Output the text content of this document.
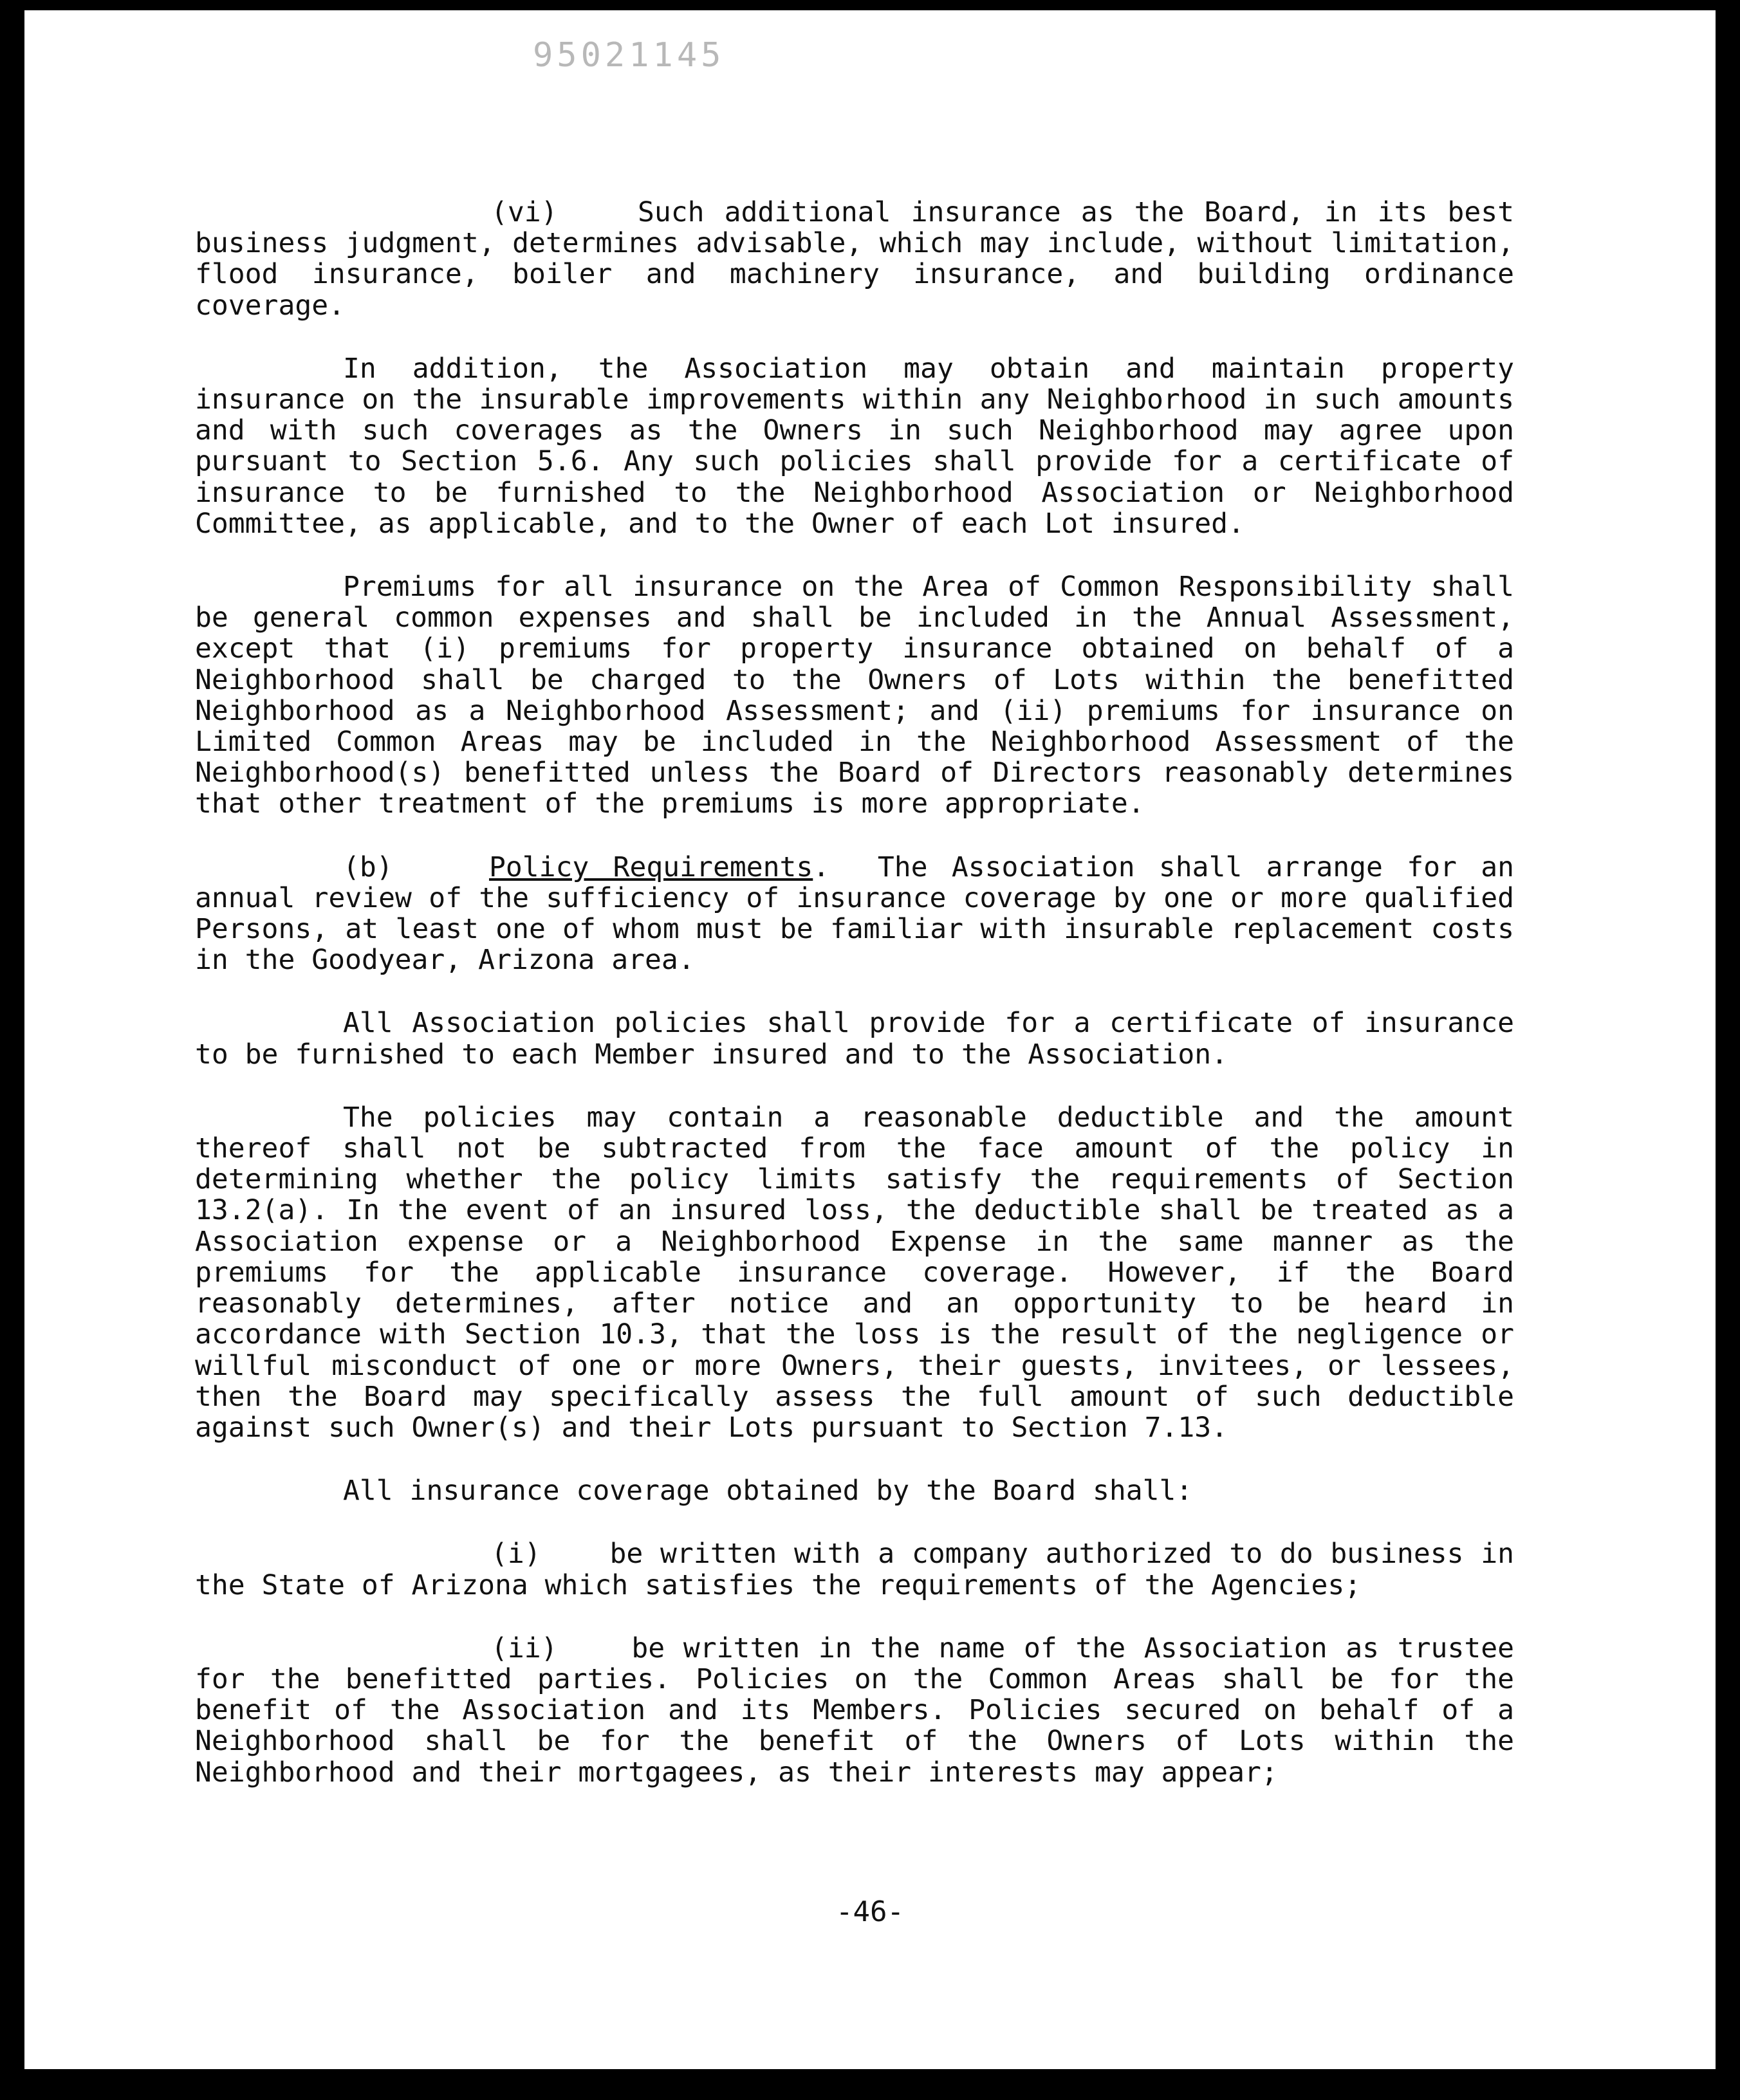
95021145

(vi)	Such additional insurance as the Board, in its best business judgment, determines advisable, which may include, without limitation, flood insurance, boiler and machinery insurance, and building ordinance coverage.

In addition, the Association may obtain and maintain property insurance on the insurable improvements within any Neighborhood in such amounts and with such coverages as the Owners in such Neighborhood may agree upon pursuant to Section 5.6. Any such policies shall provide for a certificate of insurance to be furnished to the Neighborhood Association or Neighborhood Committee, as applicable, and to the Owner of each Lot insured.

Premiums for all insurance on the Area of Common Responsibility shall be general common expenses and shall be included in the Annual Assessment, except that (i) premiums for property insurance obtained on behalf of a Neighborhood shall be charged to the Owners of Lots within the benefitted Neighborhood as a Neighborhood Assessment; and (ii) premiums for insurance on Limited Common Areas may be included in the Neighborhood Assessment of the Neighborhood(s) benefitted unless the Board of Directors reasonably determines that other treatment of the premiums is more appropriate.

(b)	Policy Requirements.  The Association shall arrange for an annual review of the sufficiency of insurance coverage by one or more qualified Persons, at least one of whom must be familiar with insurable replacement costs in the Goodyear, Arizona area.

All Association policies shall provide for a certificate of insurance to be furnished to each Member insured and to the Association.

The policies may contain a reasonable deductible and the amount thereof shall not be subtracted from the face amount of the policy in determining whether the policy limits satisfy the requirements of Section 13.2(a). In the event of an insured loss, the deductible shall be treated as a Association expense or a Neighborhood Expense in the same manner as the premiums for the applicable insurance coverage. However, if the Board reasonably determines, after notice and an opportunity to be heard in accordance with Section 10.3, that the loss is the result of the negligence or willful misconduct of one or more Owners, their guests, invitees, or lessees, then the Board may specifically assess the full amount of such deductible against such Owner(s) and their Lots pursuant to Section 7.13.

All insurance coverage obtained by the Board shall:

(i) be written with a company authorized to do business in the State of Arizona which satisfies the requirements of the Agencies;

(ii)	be written in the name of the Association as trustee for the benefitted parties. Policies on the Common Areas shall be for the benefit of the Association and its Members. Policies secured on behalf of a Neighborhood shall be for the benefit of the Owners of Lots within the Neighborhood and their mortgagees, as their interests may appear;

-46-
